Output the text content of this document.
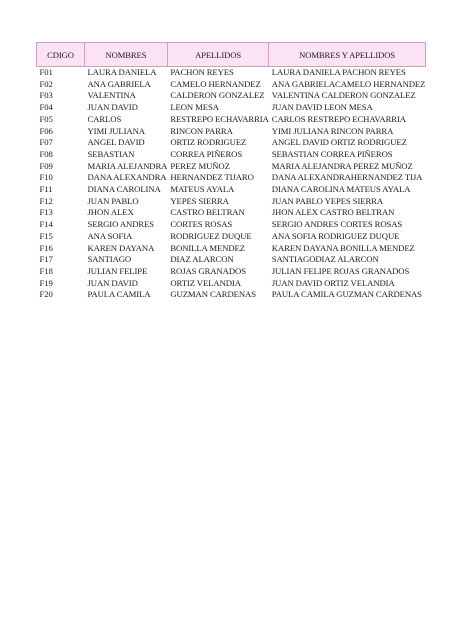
CDIGO	NOMBRES	APELLIDOS	NOMBRES Y APELLIDOS
F01	LAURA DANIELA	PACHON REYES	LAURA DANIELA PACHON REYES
F02	ANA GABRIELA	CAMELO HERNANDEZ	ANA GABRIELACAMELO HERNANDEZ
F03	VALENTINA	CALDERON GONZALEZ	VALENTINA CALDERON GONZALEZ
F04	JUAN DAVID	LEON MESA	JUAN DAVID LEON MESA
F05	CARLOS	RESTREPO ECHAVARRIA	CARLOS RESTREPO ECHAVARRIA
F06	YIMI JULIANA	RINCON PARRA	YIMI JULIANA RINCON PARRA
F07	ANGEL DAVID	ORTIZ RODRIGUEZ	ANGEL DAVID ORTIZ RODRIGUEZ
F08	SEBASTIAN	CORREA PIÑEROS	SEBASTIAN CORREA PIÑEROS
F09	MARIA ALEJANDRA	PEREZ MUÑOZ	MARIA ALEJANDRA PEREZ MUÑOZ
F10	DANA ALEXANDRA	HERNANDEZ TIJARO	DANA ALEXANDRAHERNANDEZ TIJA
F11	DIANA CAROLINA	MATEUS AYALA	DIANA CAROLINA MATEUS AYALA
F12	JUAN PABLO	YEPES SIERRA	JUAN PABLO YEPES SIERRA
F13	JHON ALEX	CASTRO BELTRAN	JHON ALEX CASTRO BELTRAN
F14	SERGIO ANDRES	CORTES ROSAS	SERGIO ANDRES CORTES ROSAS
F15	ANA SOFIA	RODRIGUEZ DUQUE	ANA SOFIA RODRIGUEZ DUQUE
F16	KAREN DAYANA	BONILLA MENDEZ	KAREN DAYANA BONILLA MENDEZ
F17	SANTIAGO	DIAZ ALARCON	SANTIAGODIAZ ALARCON
F18	JULIAN FELIPE	ROJAS GRANADOS	JULIAN FELIPE ROJAS GRANADOS
F19	JUAN DAVID	ORTIZ VELANDIA	JUAN DAVID ORTIZ VELANDIA
F20	PAULA CAMILA	GUZMAN CARDENAS	PAULA CAMILA GUZMAN CARDENAS
